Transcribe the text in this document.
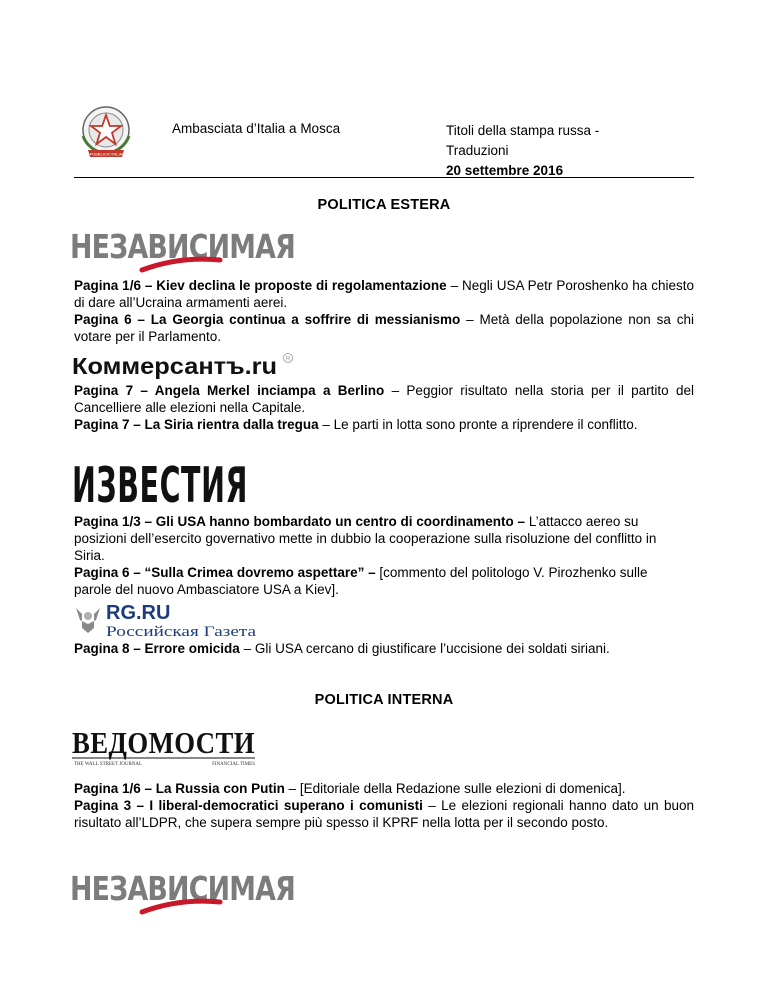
REPUBBLICA ITALIANA
Ambasciata d’Italia a Mosca	Titoli della stampa russa -
Traduzioni
20 settembre 2016
POLITICA ESTERA
НЕЗАВИСИМАЯ

Pagina 1/6 – Kiev declina le proposte di regolamentazione – Negli USA Petr Poroshenko ha chiesto di dare all’Ucraina armamenti aerei.

Pagina 6 – La Georgia continua a soffrire di messianismo – Metà della popolazione non sa chi votare per il Parlamento.

Коммерсантъ.ru R

Pagina 7 – Angela Merkel inciampa a Berlino – Peggior risultato nella storia per il partito del Cancelliere alle elezioni nella Capitale.

Pagina 7 – La Siria rientra dalla tregua – Le parti in lotta sono pronte a riprendere il conflitto.

ИЗВЕСТИЯ

Pagina 1/3 – Gli USA hanno bombardato un centro di coordinamento – L’attacco aereo su posizioni dell’esercito governativo mette in dubbio la cooperazione sulla risoluzione del conflitto in Siria.

Pagina 6 – “Sulla Crimea dovremo aspettare” – [commento del politologo V. Pirozhenko sulle parole del nuovo Ambasciatore USA a Kiev].

RG.RU
Российская Газета

Pagina 8 – Errore omicida – Gli USA cercano di giustificare l’uccisione dei soldati siriani.

POLITICA INTERNA
ВЕДОМОСТИ
THE WALL STREET JOURNAL	FINANCIAL TIMES

Pagina 1/6 – La Russia con Putin – [Editoriale della Redazione sulle elezioni di domenica].

Pagina 3 – I liberal-democratici superano i comunisti – Le elezioni regionali hanno dato un buon risultato all’LDPR, che supera sempre più spesso il KPRF nella lotta per il secondo posto.

НЕЗАВИСИМАЯ
